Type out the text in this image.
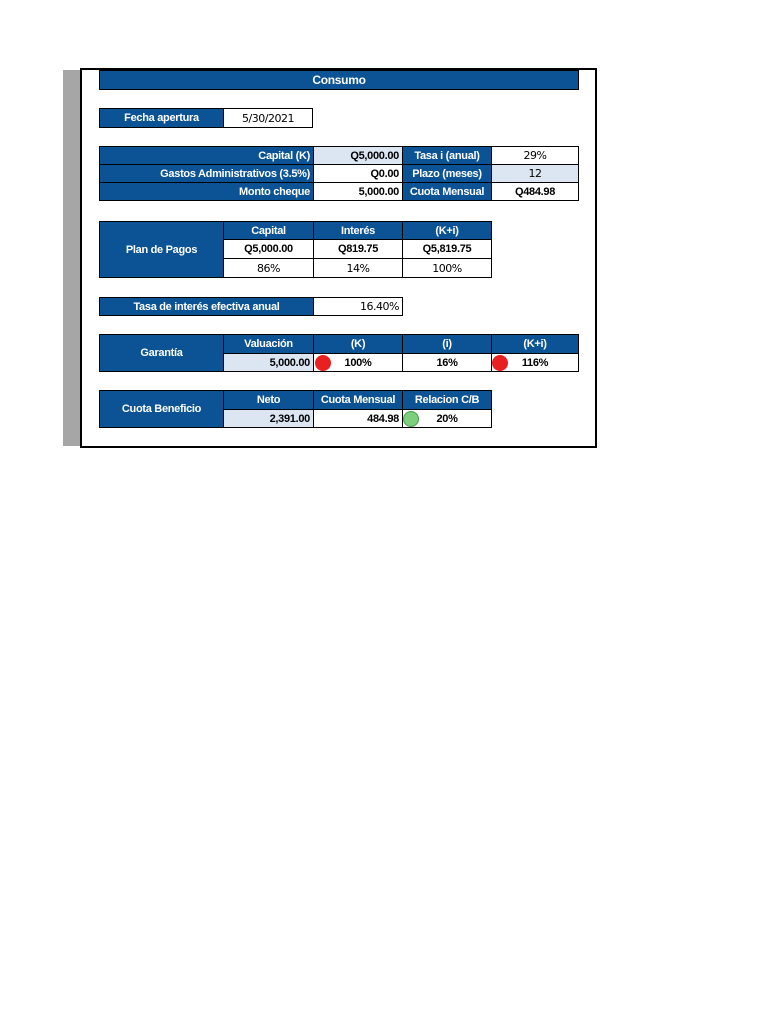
Consumo
Fecha apertura	5/30/2021
Capital (K)	Q5,000.00	Tasa i (anual)	29%
Gastos Administrativos (3.5%)	Q0.00	Plazo (meses)	12
Monto cheque	5,000.00 Cuota Mensual	Q484.98
Plan de Pagos
Capital	Interés	(K+i)
Q5,000.00	Q819.75	Q5,819.75
86%	14%	100%
Tasa de interés efectiva anual	16.40%
Garantía
Valuación	(K)	(i)	(K+i)
5,000.00	100%	16%	116%
Cuota Beneficio
Neto	Cuota Mensual	Relacion C/B
2,391.00	484.98	20%
